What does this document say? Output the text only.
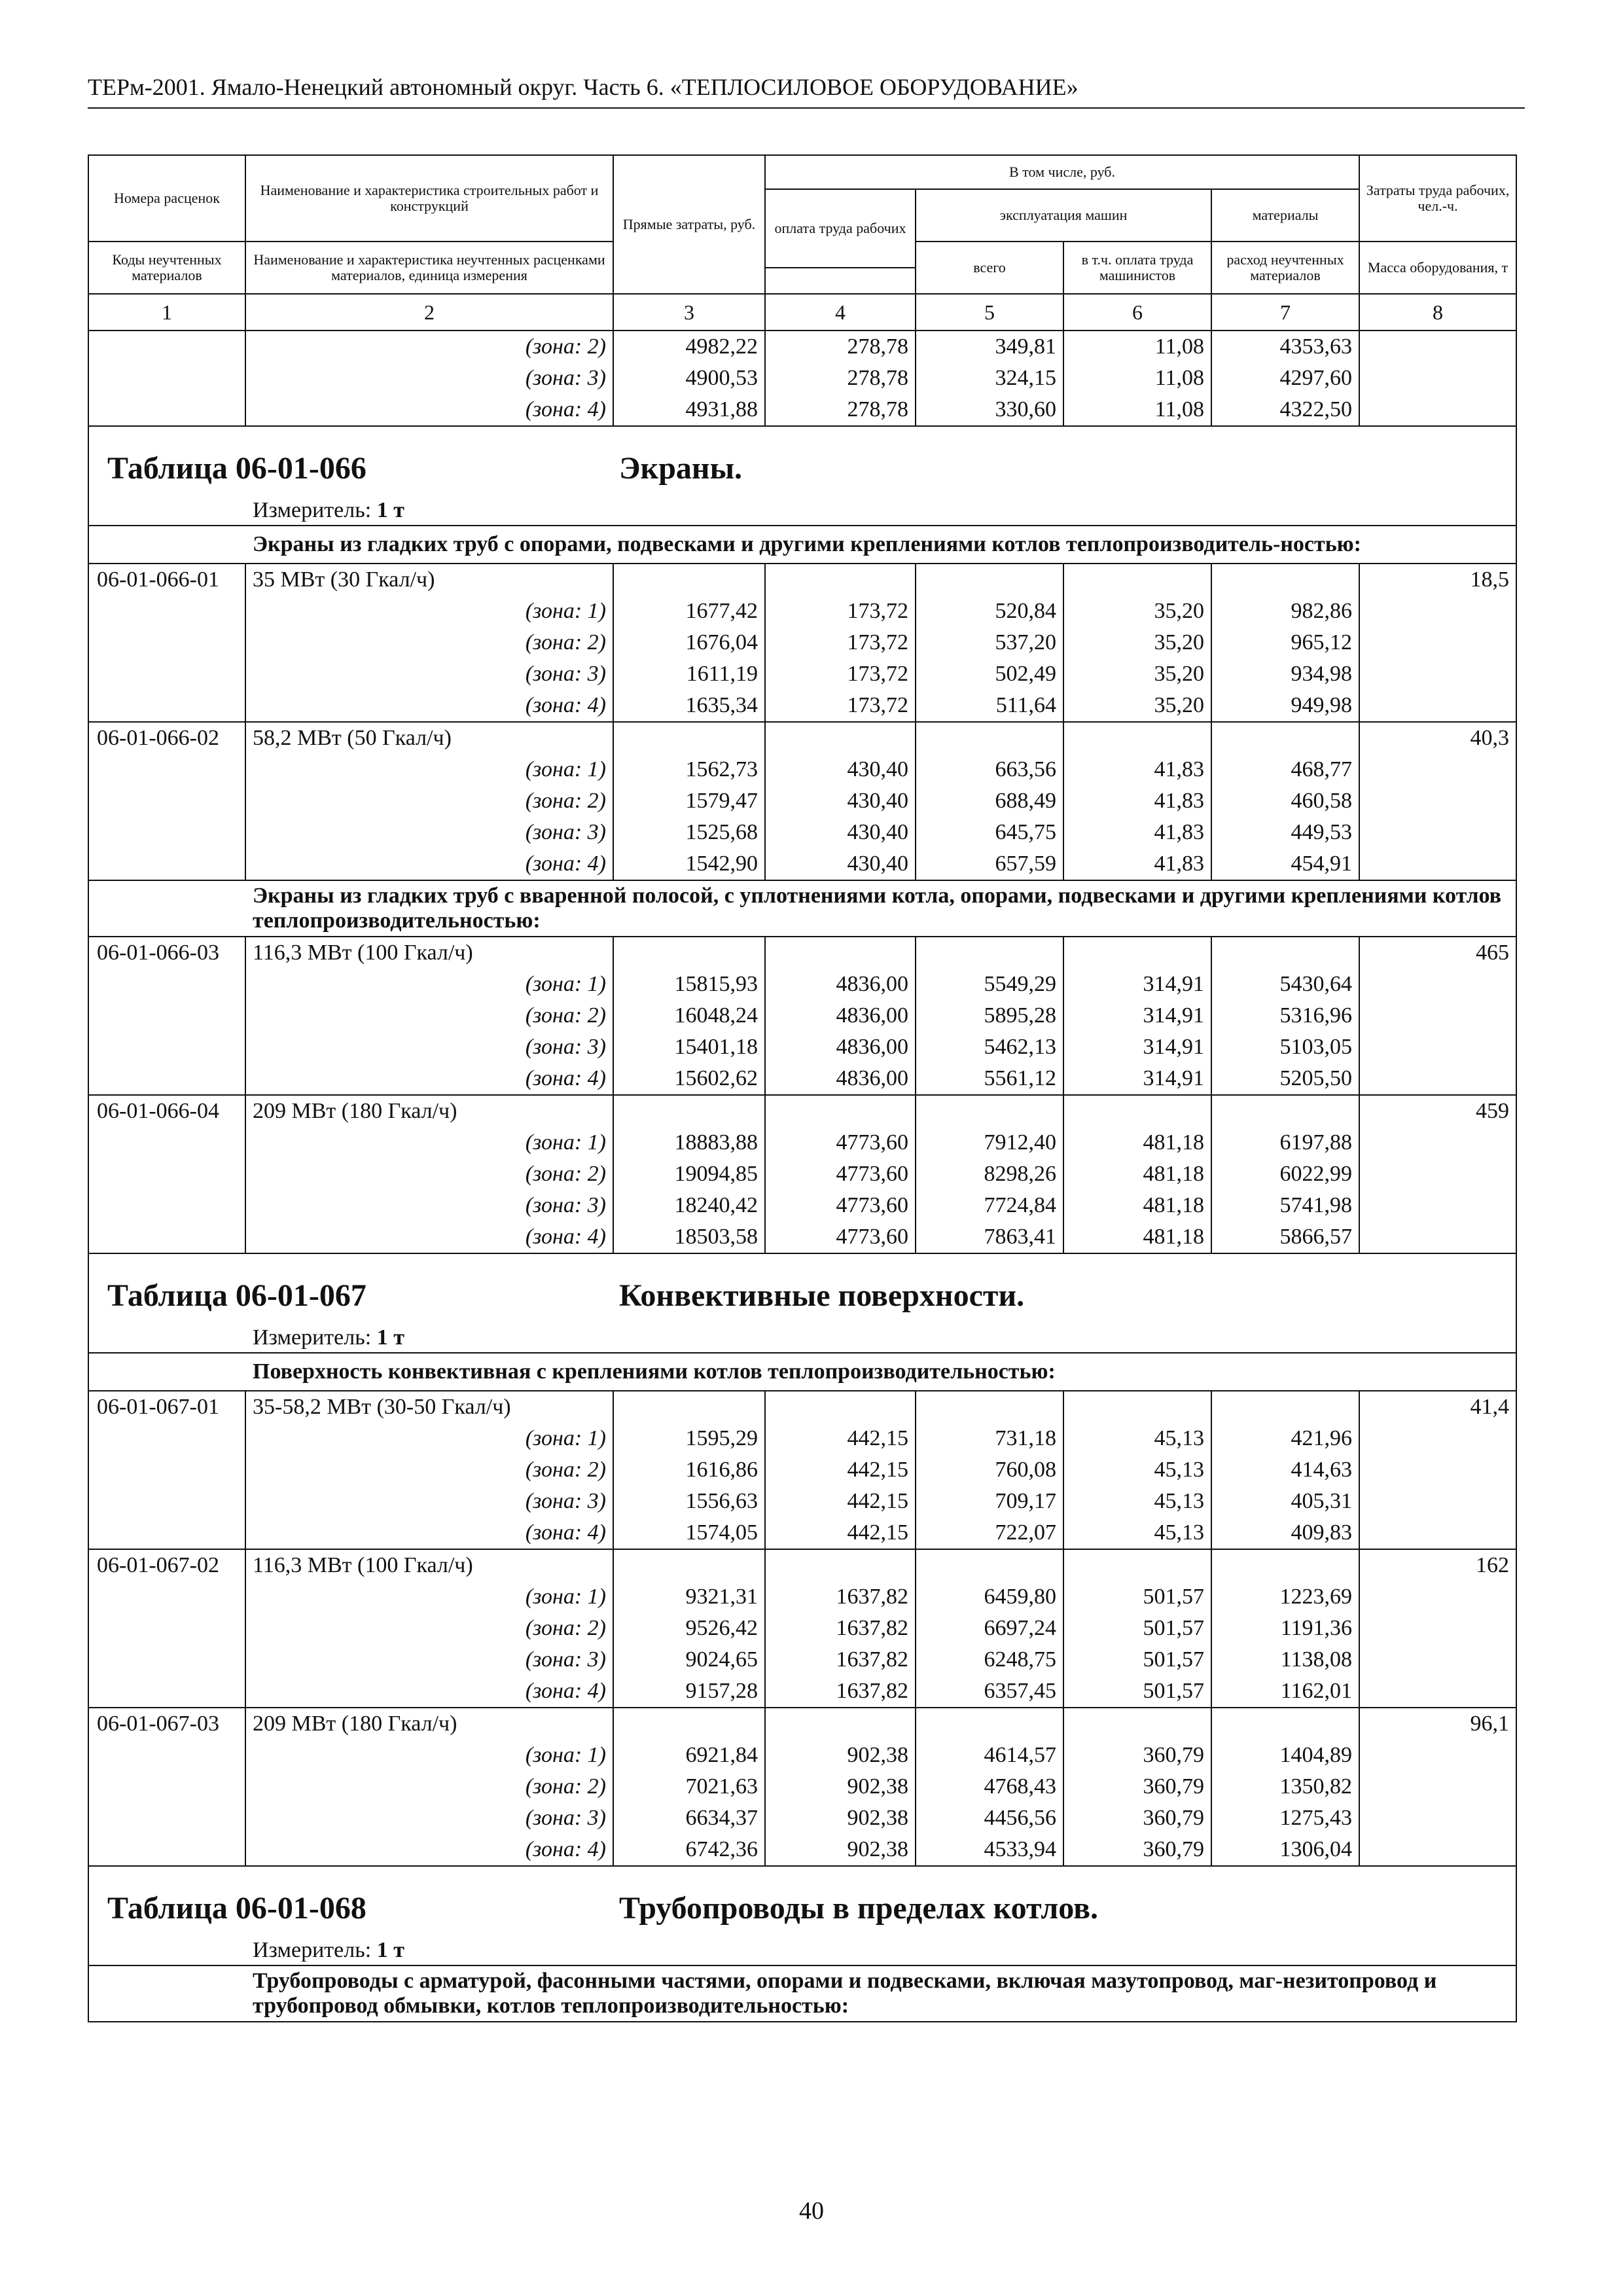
ТЕРм-2001. Ямало-Ненецкий автономный округ. Часть 6. «ТЕПЛОСИЛОВОЕ ОБОРУДОВАНИЕ»
Номера расценок	Наименование и характеристика строительных работ и конструкций	Прямые затраты, руб.	В том числе, руб.				Затраты труда рабочих, чел.-ч.
			оплата труда рабочих	эксплуатация машин		материалы	

Коды неучтенных материалов	Наименование и характеристика неучтенных расценками материалов, единица измерения			всего	в т.ч. оплата труда машинистов	расход неучтенных материалов	Масса оборудования, т

1	2	3	4	5	6	7	8
	(зона: 2)	4982,22	278,78	349,81	11,08	4353,63	
	(зона: 3)	4900,53	278,78	324,15	11,08	4297,60	
	(зона: 4)	4931,88	278,78	330,60	11,08	4322,50	

Таблица 06-01-066 Экраны.
Измеритель: 1 т							

Экраны из гладких труб с опорами, подвесками и другими креплениями котлов теплопроизводитель-ностью:							
06-01-066-01	35 МВт (30 Гкал/ч)						18,5
	(зона: 1)	1677,42	173,72	520,84	35,20	982,86	
	(зона: 2)	1676,04	173,72	537,20	35,20	965,12	
	(зона: 3)	1611,19	173,72	502,49	35,20	934,98	
	(зона: 4)	1635,34	173,72	511,64	35,20	949,98	
06-01-066-02	58,2 МВт (50 Гкал/ч)						40,3
	(зона: 1)	1562,73	430,40	663,56	41,83	468,77	
	(зона: 2)	1579,47	430,40	688,49	41,83	460,58	
	(зона: 3)	1525,68	430,40	645,75	41,83	449,53	
	(зона: 4)	1542,90	430,40	657,59	41,83	454,91	
Экраны из гладких труб с вваренной полосой, с уплотнениями котла, опорами, подвесками и другими креплениями котлов теплопроизводительностью:							
06-01-066-03	116,3 МВт (100 Гкал/ч)						465
	(зона: 1)	15815,93	4836,00	5549,29	314,91	5430,64	
	(зона: 2)	16048,24	4836,00	5895,28	314,91	5316,96	
	(зона: 3)	15401,18	4836,00	5462,13	314,91	5103,05	
	(зона: 4)	15602,62	4836,00	5561,12	314,91	5205,50	
06-01-066-04	209 МВт (180 Гкал/ч)						459
	(зона: 1)	18883,88	4773,60	7912,40	481,18	6197,88	
	(зона: 2)	19094,85	4773,60	8298,26	481,18	6022,99	
	(зона: 3)	18240,42	4773,60	7724,84	481,18	5741,98	
	(зона: 4)	18503,58	4773,60	7863,41	481,18	5866,57	

Таблица 06-01-067 Конвективные поверхности.
Измеритель: 1 т							

Поверхность конвективная с креплениями котлов теплопроизводительностью:							
06-01-067-01	35-58,2 МВт (30-50 Гкал/ч)						41,4
	(зона: 1)	1595,29	442,15	731,18	45,13	421,96	
	(зона: 2)	1616,86	442,15	760,08	45,13	414,63	
	(зона: 3)	1556,63	442,15	709,17	45,13	405,31	
	(зона: 4)	1574,05	442,15	722,07	45,13	409,83	
06-01-067-02	116,3 МВт (100 Гкал/ч)						162
	(зона: 1)	9321,31	1637,82	6459,80	501,57	1223,69	
	(зона: 2)	9526,42	1637,82	6697,24	501,57	1191,36	
	(зона: 3)	9024,65	1637,82	6248,75	501,57	1138,08	
	(зона: 4)	9157,28	1637,82	6357,45	501,57	1162,01	
06-01-067-03	209 МВт (180 Гкал/ч)						96,1
	(зона: 1)	6921,84	902,38	4614,57	360,79	1404,89	
	(зона: 2)	7021,63	902,38	4768,43	360,79	1350,82	
	(зона: 3)	6634,37	902,38	4456,56	360,79	1275,43	
	(зона: 4)	6742,36	902,38	4533,94	360,79	1306,04	

Таблица 06-01-068 Трубопроводы в пределах котлов.
Измеритель: 1 т							

Трубопроводы с арматурой, фасонными частями, опорами и подвесками, включая мазутопровод, маг-незитопровод и трубопровод обмывки, котлов теплопроизводительностью:							
40
